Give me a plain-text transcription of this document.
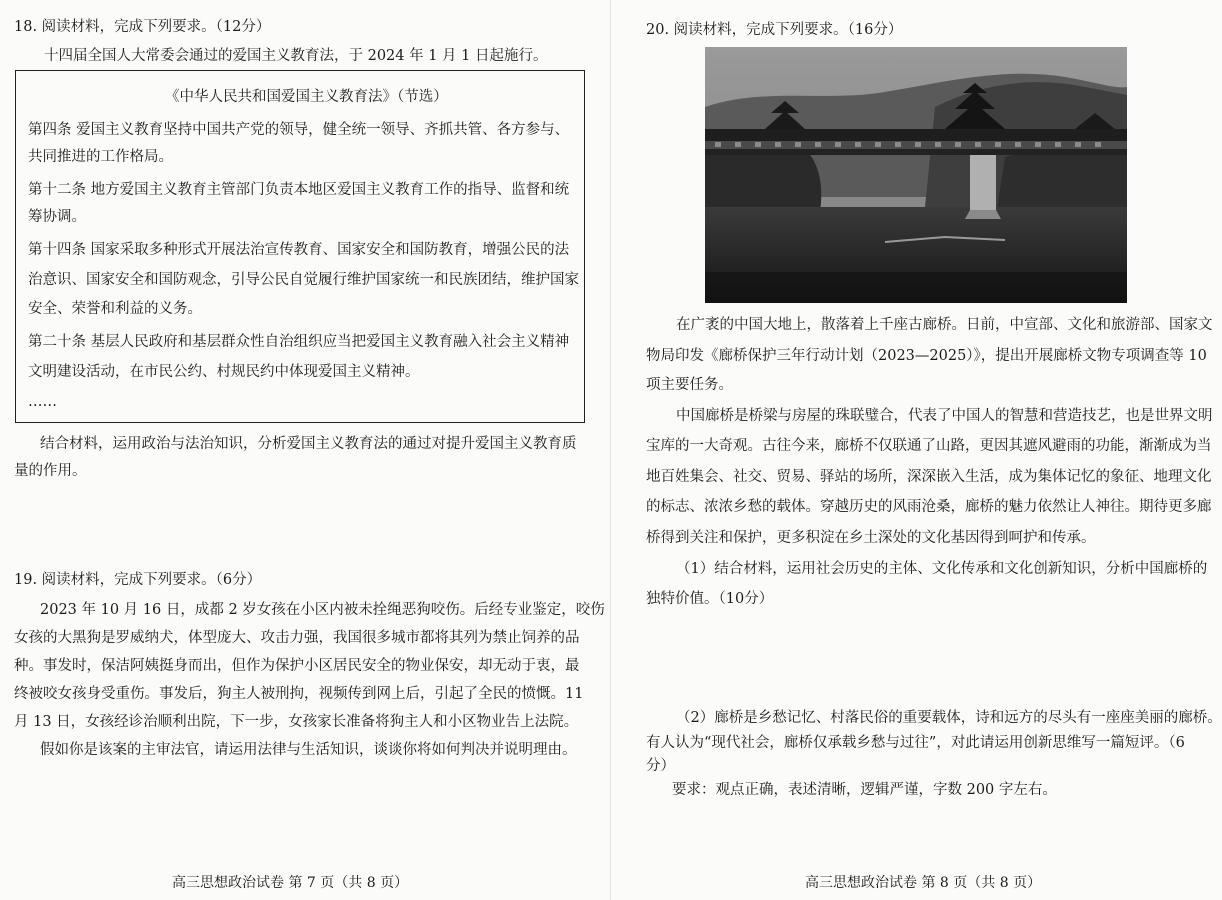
18. 阅读材料，完成下列要求。（12分）
十四届全国人大常委会通过的爱国主义教育法，于 2024 年 1 月 1 日起施行。
《中华人民共和国爱国主义教育法》（节选）
第四条 爱国主义教育坚持中国共产党的领导，健全统一领导、齐抓共管、各方参与、
共同推进的工作格局。
第十二条 地方爱国主义教育主管部门负责本地区爱国主义教育工作的指导、监督和统
筹协调。
第十四条 国家采取多种形式开展法治宣传教育、国家安全和国防教育，增强公民的法
治意识、国家安全和国防观念，引导公民自觉履行维护国家统一和民族团结，维护国家
安全、荣誉和利益的义务。
第二十条 基层人民政府和基层群众性自治组织应当把爱国主义教育融入社会主义精神
文明建设活动，在市民公约、村规民约中体现爱国主义精神。
……
结合材料，运用政治与法治知识，分析爱国主义教育法的通过对提升爱国主义教育质
量的作用。
19. 阅读材料，完成下列要求。（6分）
2023 年 10 月 16 日，成都 2 岁女孩在小区内被未拴绳恶狗咬伤。后经专业鉴定，咬伤
女孩的大黑狗是罗威纳犬，体型庞大、攻击力强，我国很多城市都将其列为禁止饲养的品
种。事发时，保洁阿姨挺身而出，但作为保护小区居民安全的物业保安，却无动于衷，最
终被咬女孩身受重伤。事发后，狗主人被刑拘，视频传到网上后，引起了全民的愤慨。11
月 13 日，女孩经诊治顺利出院，下一步，女孩家长准备将狗主人和小区物业告上法院。
假如你是该案的主审法官，请运用法律与生活知识，谈谈你将如何判决并说明理由。
高三思想政治试卷 第 7 页（共 8 页）
20. 阅读材料，完成下列要求。（16分）
在广袤的中国大地上，散落着上千座古廊桥。日前，中宣部、文化和旅游部、国家文
物局印发《廊桥保护三年行动计划（2023—2025）》，提出开展廊桥文物专项调查等 10
项主要任务。
中国廊桥是桥梁与房屋的珠联璧合，代表了中国人的智慧和营造技艺，也是世界文明
宝库的一大奇观。古往今来，廊桥不仅联通了山路，更因其遮风避雨的功能，渐渐成为当
地百姓集会、社交、贸易、驿站的场所，深深嵌入生活，成为集体记忆的象征、地理文化
的标志、浓浓乡愁的载体。穿越历史的风雨沧桑，廊桥的魅力依然让人神往。期待更多廊
桥得到关注和保护，更多积淀在乡土深处的文化基因得到呵护和传承。
（1）结合材料，运用社会历史的主体、文化传承和文化创新知识，分析中国廊桥的
独特价值。（10分）
（2）廊桥是乡愁记忆、村落民俗的重要载体，诗和远方的尽头有一座座美丽的廊桥。
有人认为“现代社会，廊桥仅承载乡愁与过往”，对此请运用创新思维写一篇短评。（6
分）
要求：观点正确，表述清晰，逻辑严谨，字数 200 字左右。
高三思想政治试卷 第 8 页（共 8 页）
